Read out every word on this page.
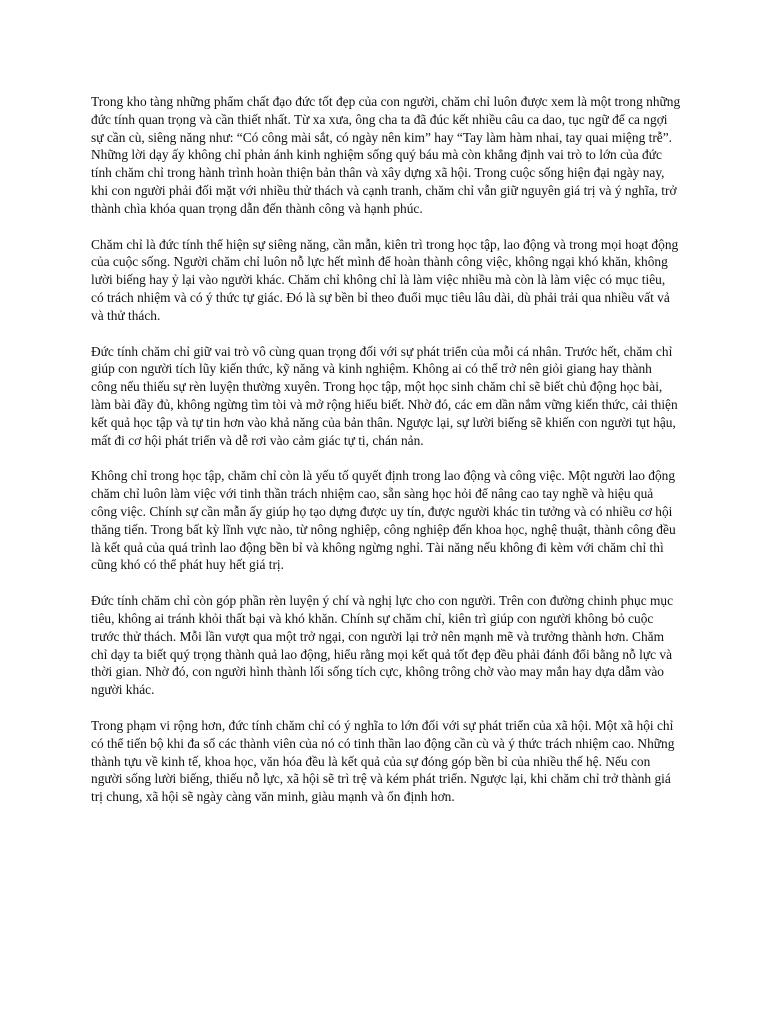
Trong kho tàng những phẩm chất đạo đức tốt đẹp của con người, chăm chỉ luôn được xem là một trong những đức tính quan trọng và cần thiết nhất. Từ xa xưa, ông cha ta đã đúc kết nhiều câu ca dao, tục ngữ để ca ngợi sự cần cù, siêng năng như: “Có công mài sắt, có ngày nên kim” hay “Tay làm hàm nhai, tay quai miệng trễ”. Những lời dạy ấy không chỉ phản ánh kinh nghiệm sống quý báu mà còn khẳng định vai trò to lớn của đức tính chăm chỉ trong hành trình hoàn thiện bản thân và xây dựng xã hội. Trong cuộc sống hiện đại ngày nay, khi con người phải đối mặt với nhiều thử thách và cạnh tranh, chăm chỉ vẫn giữ nguyên giá trị và ý nghĩa, trở thành chìa khóa quan trọng dẫn đến thành công và hạnh phúc.

Chăm chỉ là đức tính thể hiện sự siêng năng, cần mẫn, kiên trì trong học tập, lao động và trong mọi hoạt động của cuộc sống. Người chăm chỉ luôn nỗ lực hết mình để hoàn thành công việc, không ngại khó khăn, không lười biếng hay ỷ lại vào người khác. Chăm chỉ không chỉ là làm việc nhiều mà còn là làm việc có mục tiêu, có trách nhiệm và có ý thức tự giác. Đó là sự bền bỉ theo đuổi mục tiêu lâu dài, dù phải trải qua nhiều vất vả và thử thách.

Đức tính chăm chỉ giữ vai trò vô cùng quan trọng đối với sự phát triển của mỗi cá nhân. Trước hết, chăm chỉ giúp con người tích lũy kiến thức, kỹ năng và kinh nghiệm. Không ai có thể trở nên giỏi giang hay thành công nếu thiếu sự rèn luyện thường xuyên. Trong học tập, một học sinh chăm chỉ sẽ biết chủ động học bài, làm bài đầy đủ, không ngừng tìm tòi và mở rộng hiểu biết. Nhờ đó, các em dần nắm vững kiến thức, cải thiện kết quả học tập và tự tin hơn vào khả năng của bản thân. Ngược lại, sự lười biếng sẽ khiến con người tụt hậu, mất đi cơ hội phát triển và dễ rơi vào cảm giác tự ti, chán nản.

Không chỉ trong học tập, chăm chỉ còn là yếu tố quyết định trong lao động và công việc. Một người lao động chăm chỉ luôn làm việc với tinh thần trách nhiệm cao, sẵn sàng học hỏi để nâng cao tay nghề và hiệu quả công việc. Chính sự cần mẫn ấy giúp họ tạo dựng được uy tín, được người khác tin tưởng và có nhiều cơ hội thăng tiến. Trong bất kỳ lĩnh vực nào, từ nông nghiệp, công nghiệp đến khoa học, nghệ thuật, thành công đều là kết quả của quá trình lao động bền bỉ và không ngừng nghỉ. Tài năng nếu không đi kèm với chăm chỉ thì cũng khó có thể phát huy hết giá trị.

Đức tính chăm chỉ còn góp phần rèn luyện ý chí và nghị lực cho con người. Trên con đường chinh phục mục tiêu, không ai tránh khỏi thất bại và khó khăn. Chính sự chăm chỉ, kiên trì giúp con người không bỏ cuộc trước thử thách. Mỗi lần vượt qua một trở ngại, con người lại trở nên mạnh mẽ và trưởng thành hơn. Chăm chỉ dạy ta biết quý trọng thành quả lao động, hiểu rằng mọi kết quả tốt đẹp đều phải đánh đổi bằng nỗ lực và thời gian. Nhờ đó, con người hình thành lối sống tích cực, không trông chờ vào may mắn hay dựa dẫm vào người khác.

Trong phạm vi rộng hơn, đức tính chăm chỉ có ý nghĩa to lớn đối với sự phát triển của xã hội. Một xã hội chỉ có thể tiến bộ khi đa số các thành viên của nó có tinh thần lao động cần cù và ý thức trách nhiệm cao. Những thành tựu về kinh tế, khoa học, văn hóa đều là kết quả của sự đóng góp bền bỉ của nhiều thế hệ. Nếu con người sống lười biếng, thiếu nỗ lực, xã hội sẽ trì trệ và kém phát triển. Ngược lại, khi chăm chỉ trở thành giá trị chung, xã hội sẽ ngày càng văn minh, giàu mạnh và ổn định hơn.
